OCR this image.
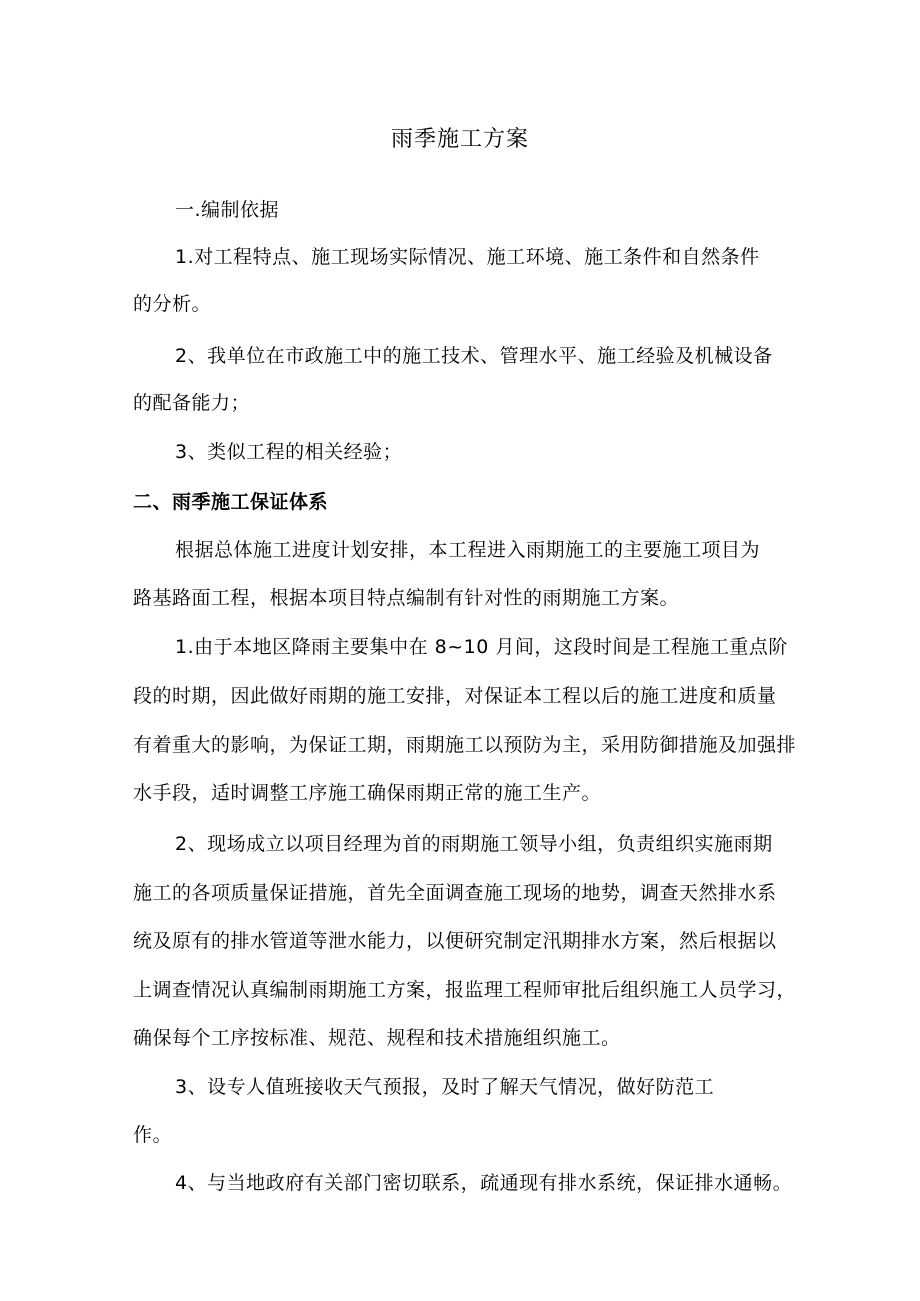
雨季施工方案
一.编制依据
1.对工程特点、施工现场实际情况、施工环境、施工条件和自然条件
的分析。
2、我单位在市政施工中的施工技术、管理水平、施工经验及机械设备
的配备能力；
3、类似工程的相关经验；
二、雨季施工保证体系
根据总体施工进度计划安排，本工程进入雨期施工的主要施工项目为
路基路面工程，根据本项目特点编制有针对性的雨期施工方案。
1.由于本地区降雨主要集中在 8~10 月间，这段时间是工程施工重点阶
段的时期，因此做好雨期的施工安排，对保证本工程以后的施工进度和质量
有着重大的影响，为保证工期，雨期施工以预防为主，采用防御措施及加强排
水手段，适时调整工序施工确保雨期正常的施工生产。
2、现场成立以项目经理为首的雨期施工领导小组，负责组织实施雨期
施工的各项质量保证措施，首先全面调查施工现场的地势，调查天然排水系
统及原有的排水管道等泄水能力，以便研究制定汛期排水方案，然后根据以
上调查情况认真编制雨期施工方案，报监理工程师审批后组织施工人员学习，
确保每个工序按标准、规范、规程和技术措施组织施工。
3、设专人值班接收天气预报，及时了解天气情况，做好防范工
作。
4、与当地政府有关部门密切联系，疏通现有排水系统，保证排水通畅。
